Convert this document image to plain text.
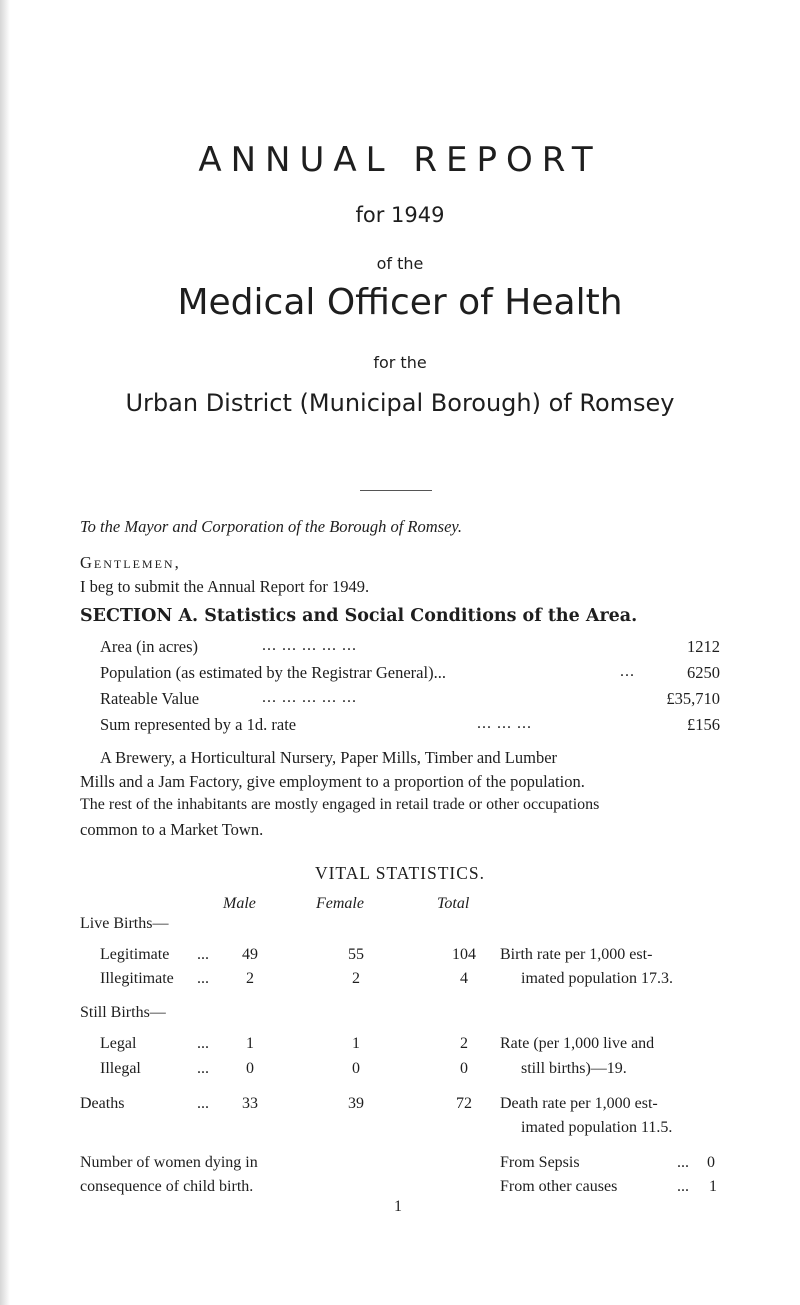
ANNUAL REPORT
for 1949
of the
Medical Officer of Health
for the
Urban District (Municipal Borough) of Romsey
To the Mayor and Corporation of the Borough of Romsey.
Gentlemen,
I beg to submit the Annual Report for 1949.
SECTION A. Statistics and Social Conditions of the Area.
Area (in acres)	... ... ... ... ...	1212
Population (as estimated by the Registrar General)...	...	6250
Rateable Value	... ... ... ... ...	£35,710
Sum represented by a 1d. rate	... ... ...	£156
A Brewery, a Horticultural Nursery, Paper Mills, Timber and Lumber
Mills and a Jam Factory, give employment to a proportion of the population.
The rest of the inhabitants are mostly engaged in retail trade or other occupations
common to a Market Town.
VITAL STATISTICS.
Male	Female	Total
Live Births—
Legitimate ...	49	55	104	Birth rate per 1,000 est-
Illegitimate ...	2	2	4	imated population 17.3.
Still Births—
Legal	...	1	1	2	Rate (per 1,000 live and
Illegal	...	0	0	0	still births)—19.
Deaths	...	33	39	72	Death rate per 1,000 est-
imated population 11.5.
Number of women dying in
consequence of child birth.
From Sepsis	... 0
From other causes	... 1
1
